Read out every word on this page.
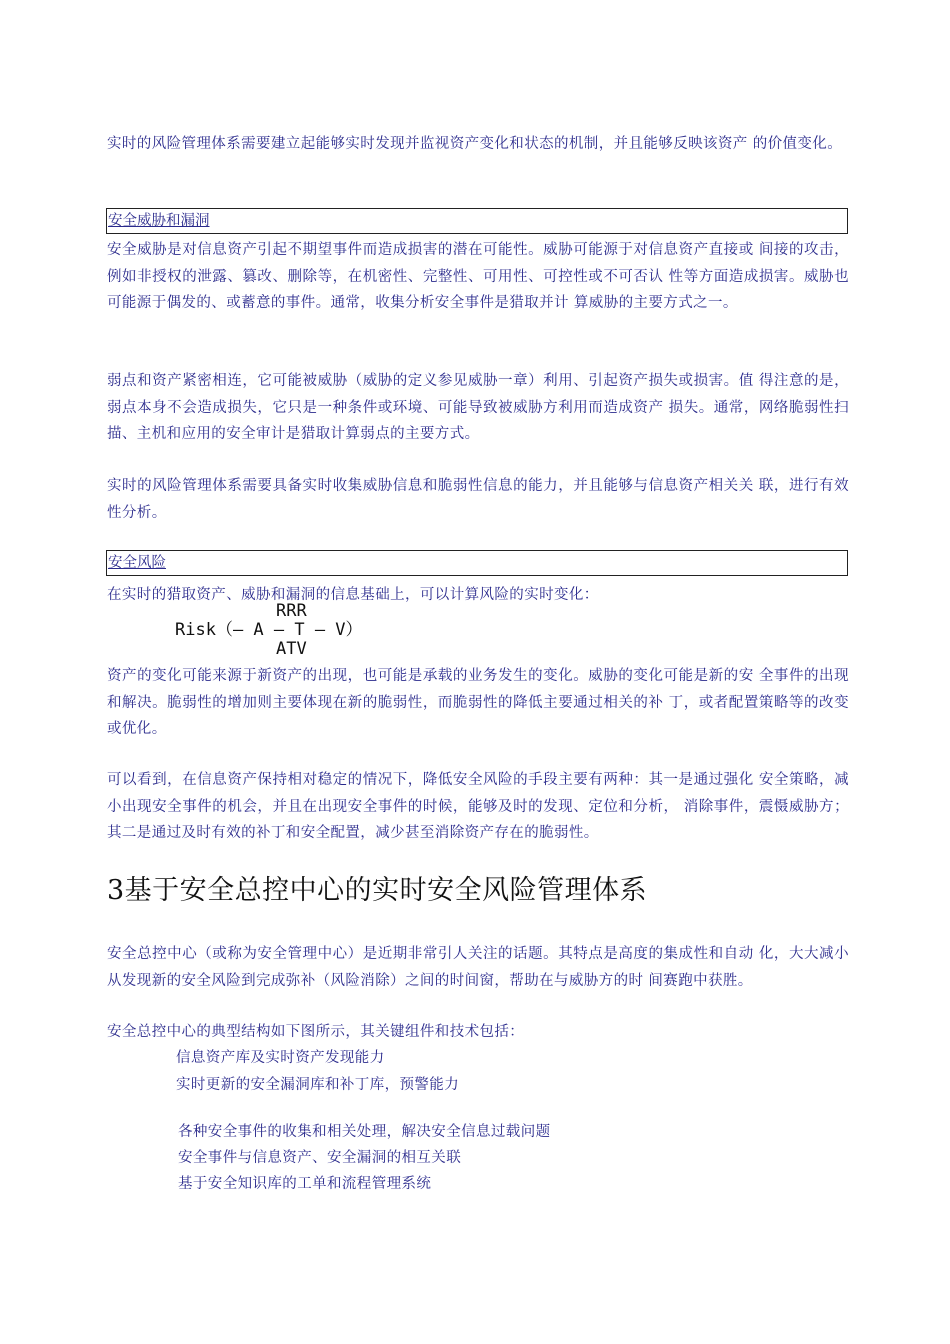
实时的风险管理体系需要建立起能够实时发现并监视资产变化和状态的机制，并且能够反映该资产 的价值变化。

安全威胁和漏洞

安全威胁是对信息资产引起不期望事件而造成损害的潜在可能性。威胁可能源于对信息资产直接或 间接的攻击，例如非授权的泄露、篡改、删除等，在机密性、完整性、可用性、可控性或不可否认 性等方面造成损害。威胁也可能源于偶发的、或蓄意的事件。通常，收集分析安全事件是猎取并计 算威胁的主要方式之一。

弱点和资产紧密相连，它可能被威胁（威胁的定义参见威胁一章）利用、引起资产损失或损害。值 得注意的是，弱点本身不会造成损失，它只是一种条件或环境、可能导致被威胁方利用而造成资产 损失。通常，网络脆弱性扫描、主机和应用的安全审计是猎取计算弱点的主要方式。

实时的风险管理体系需要具备实时收集威胁信息和脆弱性信息的能力，并且能够与信息资产相关关 联，进行有效性分析。

安全风险

在实时的猎取资产、威胁和漏洞的信息基础上，可以计算风险的实时变化：

RRR
Risk（— A — T — V）
ATV

资产的变化可能来源于新资产的出现，也可能是承载的业务发生的变化。威胁的变化可能是新的安 全事件的出现和解决。脆弱性的增加则主要体现在新的脆弱性，而脆弱性的降低主要通过相关的补 丁，或者配置策略等的改变或优化。

可以看到，在信息资产保持相对稳定的情况下，降低安全风险的手段主要有两种：其一是通过强化 安全策略，减小出现安全事件的机会，并且在出现安全事件的时候，能够及时的发现、定位和分析， 消除事件，震慑威胁方；其二是通过及时有效的补丁和安全配置，减少甚至消除资产存在的脆弱性。

3基于安全总控中心的实时安全风险管理体系

安全总控中心（或称为安全管理中心）是近期非常引人关注的话题。其特点是高度的集成性和自动 化，大大减小从发现新的安全风险到完成弥补（风险消除）之间的时间窗，帮助在与威胁方的时 间赛跑中获胜。

安全总控中心的典型结构如下图所示，其关键组件和技术包括：

信息资产库及实时资产发现能力
实时更新的安全漏洞库和补丁库，预警能力
各种安全事件的收集和相关处理，解决安全信息过载问题
安全事件与信息资产、安全漏洞的相互关联
基于安全知识库的工单和流程管理系统
